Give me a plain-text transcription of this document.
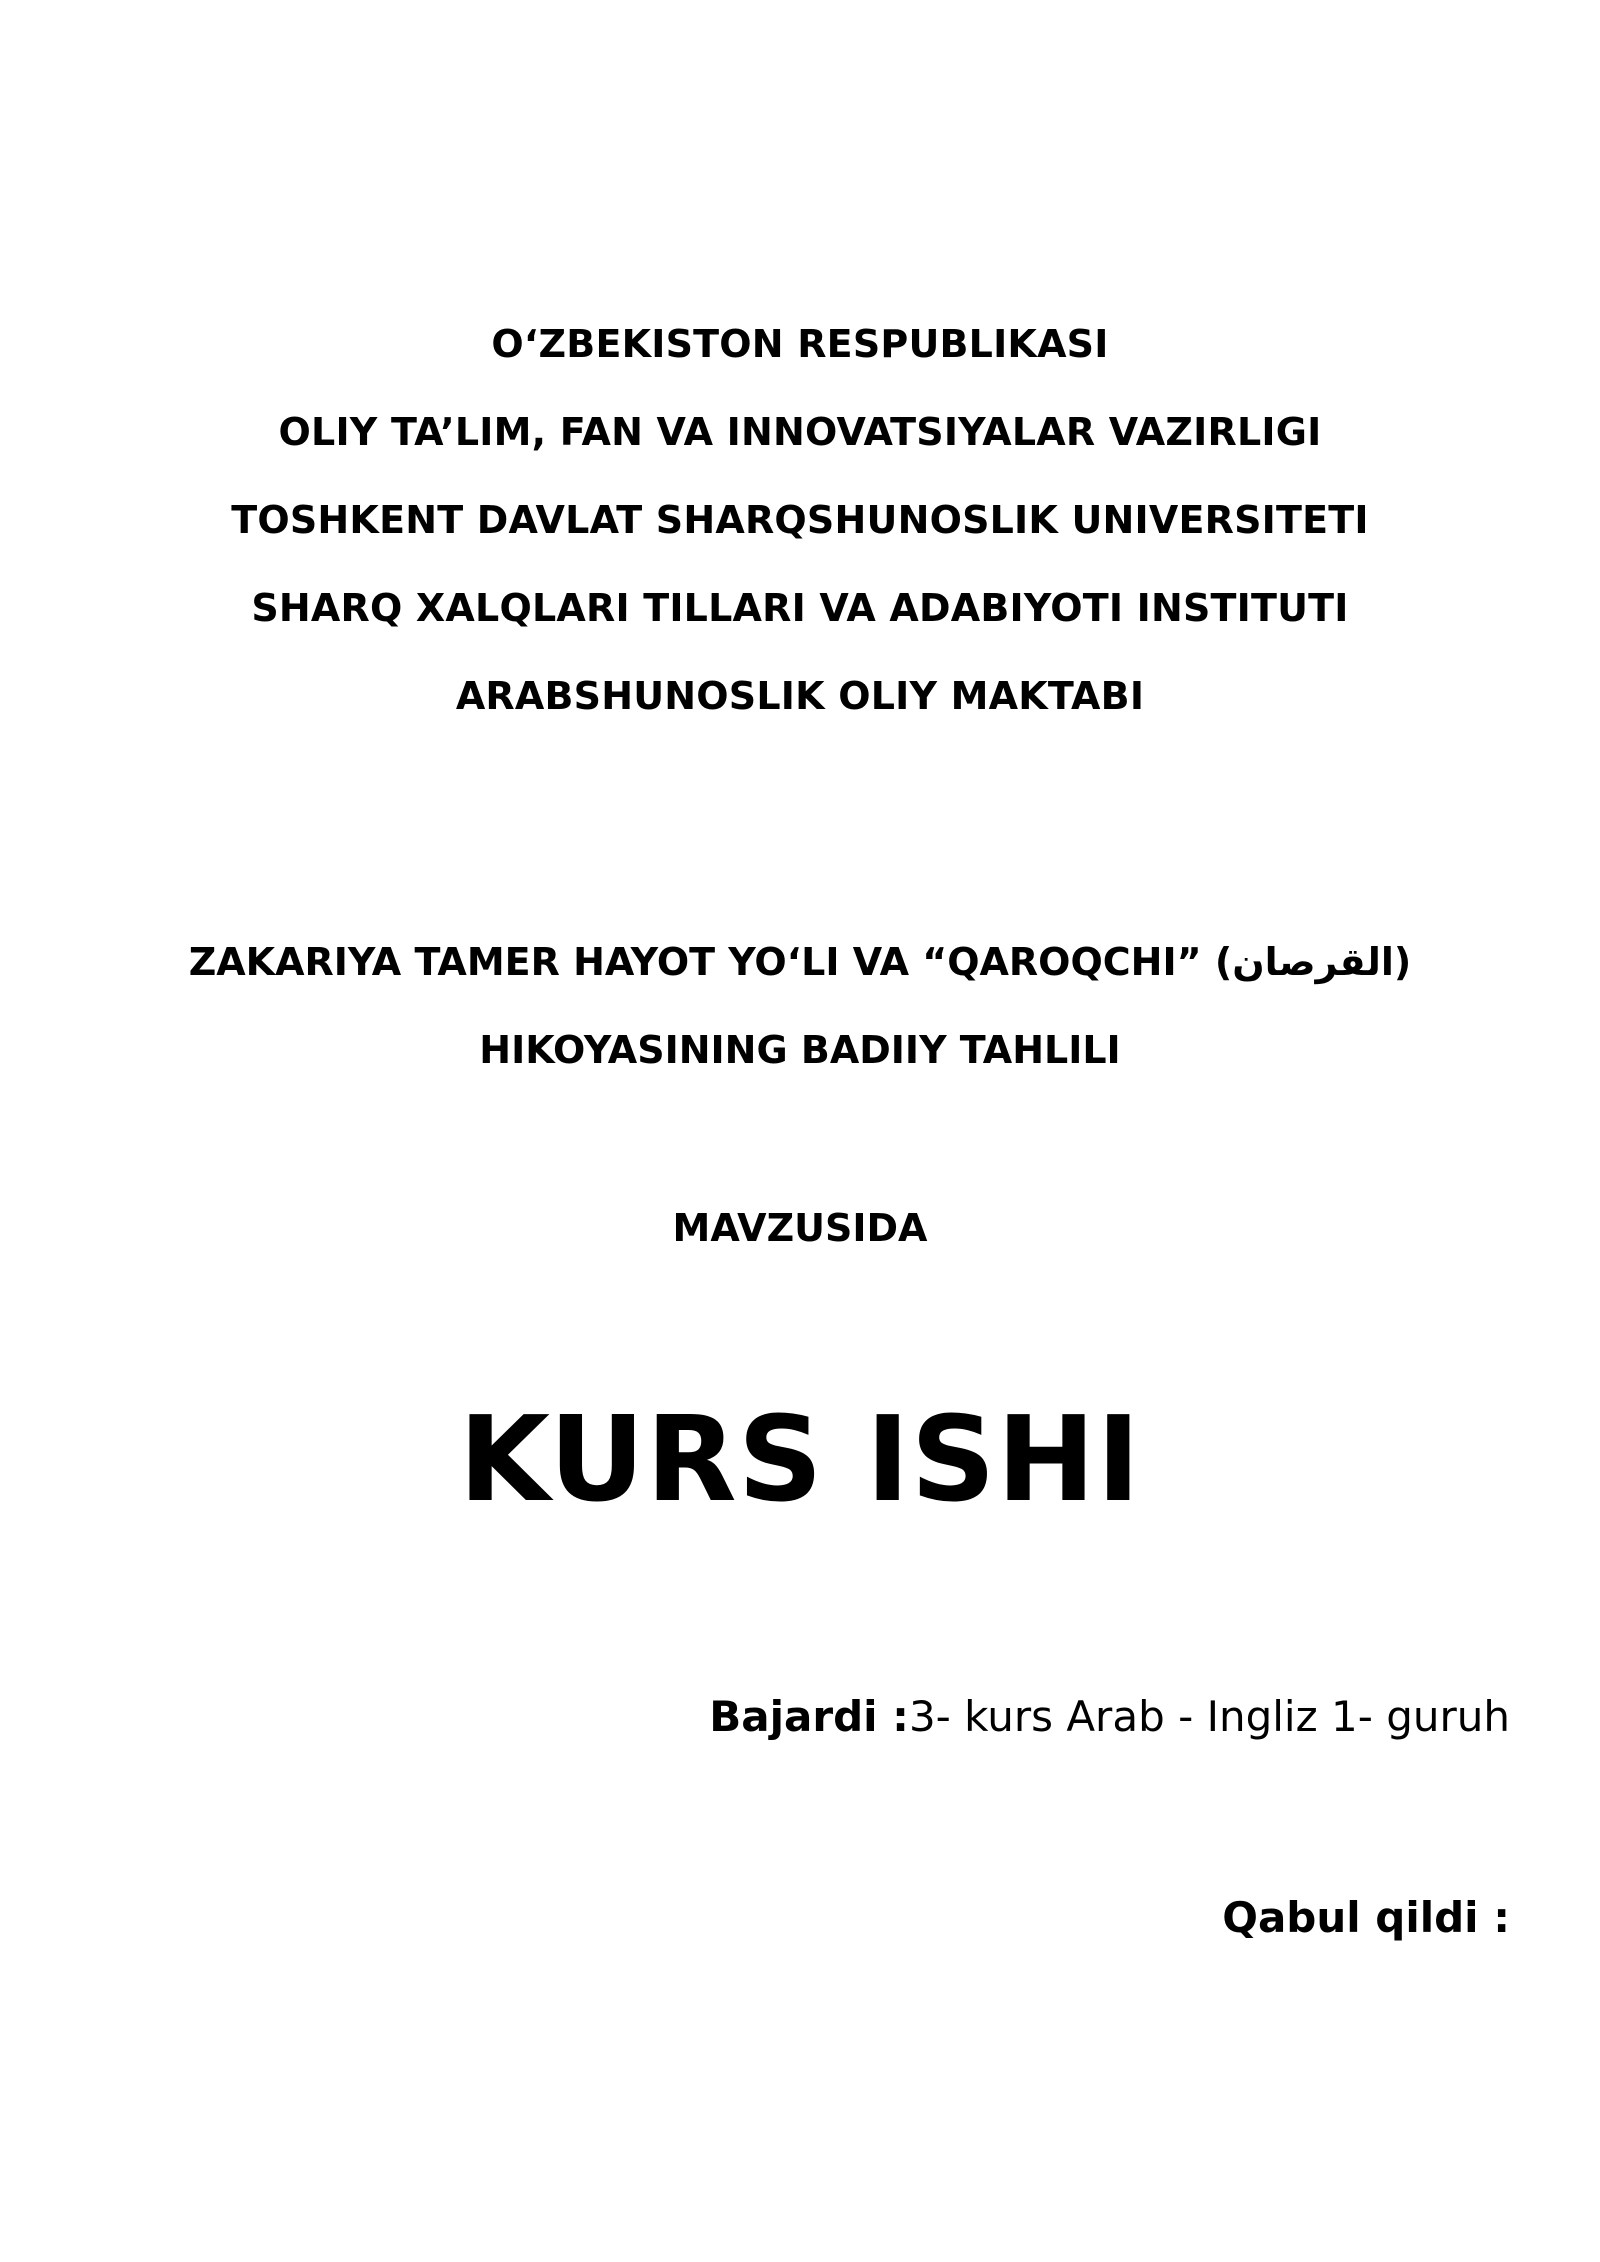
O‘ZBEKISTON RESPUBLIKASI
OLIY TA’LIM, FAN VA INNOVATSIYALAR VAZIRLIGI
TOSHKENT DAVLAT SHARQSHUNOSLIK UNIVERSITETI
SHARQ XALQLARI TILLARI VA ADABIYOTI INSTITUTI
ARABSHUNOSLIK OLIY MAKTABI
ZAKARIYA TAMER HAYOT YO‘LI VA “QAROQCHI” (القرصان)
HIKOYASINING BADIIY TAHLILI
MAVZUSIDA
KURS ISHI
Bajardi :3- kurs Arab - Ingliz 1- guruh
Qabul qildi :
